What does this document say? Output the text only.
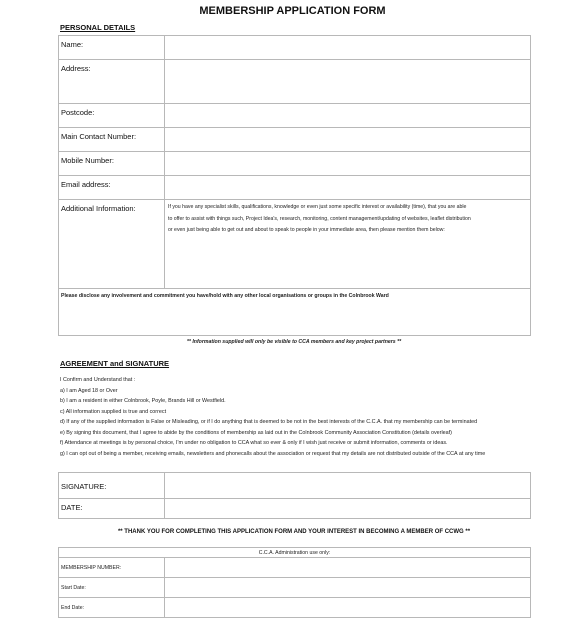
MEMBERSHIP APPLICATION FORM
PERSONAL DETAILS
Name:	
Address:	
Postcode:	
Main Contact Number:	
Mobile Number:	
Email address:	
Additional Information:	If you have any specialist skills, qualifications, knowledge or even just some specific interest or availability (time), that you are able
to offer to assist with things such, Project Idea's, research, monitoring, content management/updating of websites, leaflet distribution
or even just being able to get out and about to speak to people in your immediate area, then please mention them below:

Please disclose any involvement and commitment you have/hold with any other local organisations or groups in the Colnbrook Ward	
** Information supplied will only be visible to CCA members and key project partners **
AGREEMENT and SIGNATURE
I Confirm and Understand that :
a) I am Aged 18 or Over
b) I am a resident in either Colnbrook, Poyle, Brands Hill or Westfield.
c) All information supplied is true and correct
d) If any of the supplied information is False or Misleading, or if I do anything that is deemed to be not in the best interests of the C.C.A. that my membership can be terminated
e) By signing this document, that I agree to abide by the conditions of membership as laid out in the Colnbrook Community Association Constitution (details overleaf)
f) Attendance at meetings is by personal choice, I'm under no obligation to CCA what so ever & only if I wish just receive or submit information, comments or ideas.
g) I can opt out of being a member, receiving emails, newsletters and phonecalls about the association or request that my details are not distributed outside of the CCA at any time
SIGNATURE:	
DATE:	
** THANK YOU FOR COMPLETING THIS APPLICATION FORM AND YOUR INTEREST IN BECOMING A MEMBER OF CCWG **
C.C.A. Administration use only:	
MEMBERSHIP NUMBER:	
Start Date:	
End Date:	
